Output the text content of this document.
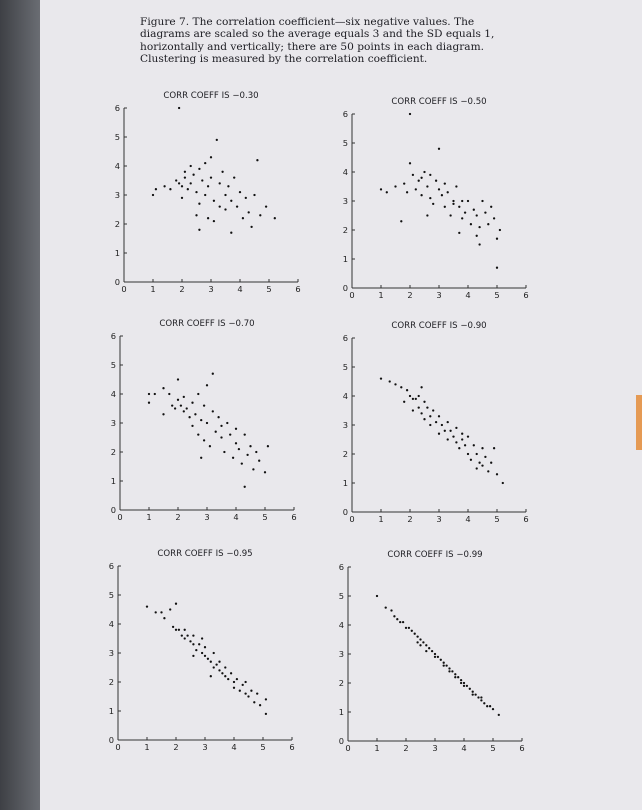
Figure 7. The correlation coefficient—six negative values. The diagrams are scaled so the average equals 3 and the SD equals 1, horizontally and vertically; there are 50 points in each diagram. Clustering is measured by the correlation coefficient.
CORR COEFF IS −0.30
0	1	2	3	4	5	6
0
1
2
3
4
5
6
CORR COEFF IS −0.50
0	1	2	3	4	5	6
0
1
2
3
4
5
6
CORR COEFF IS −0.70
0	1	2	3	4	5	6
0
1
2
3
4
5
6
CORR COEFF IS −0.90
0	1	2	3	4	5	6
0
1
2
3
4
5
6
CORR COEFF IS −0.95
0	1	2	3	4	5	6
0
1
2
3
4
5
6
CORR COEFF IS −0.99
0	1	2	3	4	5	6
0
1
2
3
4
5
6
